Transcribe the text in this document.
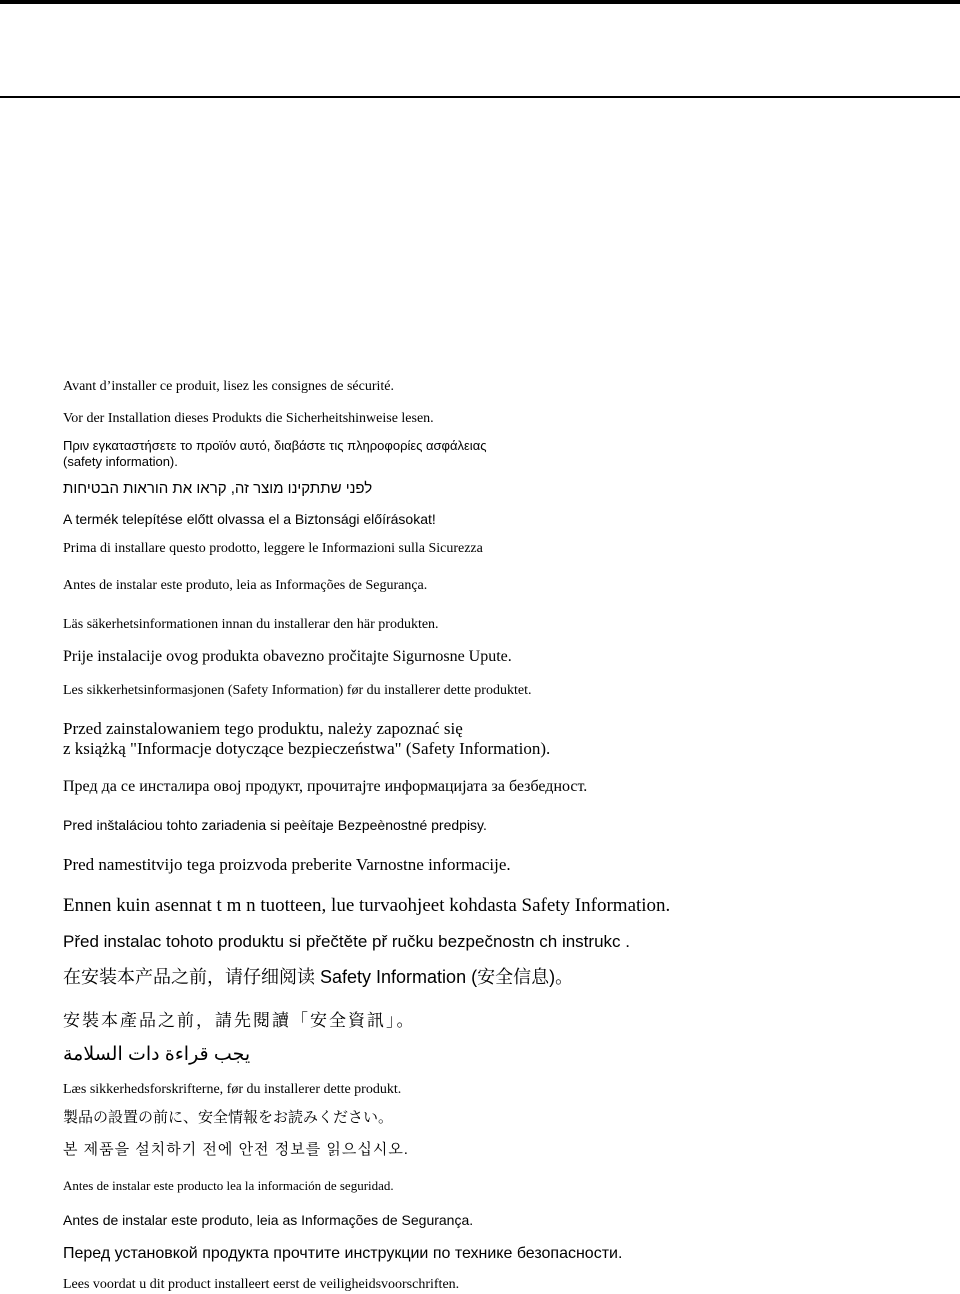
Avant d’installer ce produit, lisez les consignes de sécurité.

Vor der Installation dieses Produkts die Sicherheitshinweise lesen.

Πριν εγκαταστήσετε το προϊόν αυτό, διαβάστε τις πληροφορίες ασφάλειας

(safety information).

לפני שתתקינו מוצר זה, קראו את הוראות הבטיחות

A termék telepítése előtt olvassa el a Biztonsági előírásokat!

Prima di installare questo prodotto, leggere le Informazioni sulla Sicurezza

Antes de instalar este produto, leia as Informações de Segurança.

Läs säkerhetsinformationen innan du installerar den här produkten.

Prije instalacije ovog produkta obavezno pročitajte Sigurnosne Upute.

Les sikkerhetsinformasjonen (Safety Information) før du installerer dette produktet.

Przed zainstalowaniem tego produktu, należy zapoznać się

z książką "Informacje dotyczące bezpieczeństwa" (Safety Information).

Пред да се инсталира овој продукт, прочитајте информацијата за безбедност.

Pred inštaláciou tohto zariadenia si peèítaje Bezpeènostné predpisy.

Pred namestitvijo tega proizvoda preberite Varnostne informacije.

Ennen kuin asennat t m n tuotteen, lue turvaohjeet kohdasta Safety Information.

Před instalac tohoto produktu si přečtěte př ručku bezpečnostn ch instrukc .

在安装本产品之前，请仔细阅读 Safety Information (安全信息)。

安裝本產品之前，請先閱讀「安全資訊」。

يجب قراءة دات السلامة

Læs sikkerhedsforskrifterne, før du installerer dette produkt.

製品の設置の前に、安全情報をお読みください。

본 제품을 설치하기 전에 안전 정보를 읽으십시오.

Antes de instalar este producto lea la información de seguridad.

Antes de instalar este produto, leia as Informações de Segurança.

Перед установкой продукта прочтите инструкции по технике безопасности.

Lees voordat u dit product installeert eerst de veiligheidsvoorschriften.
